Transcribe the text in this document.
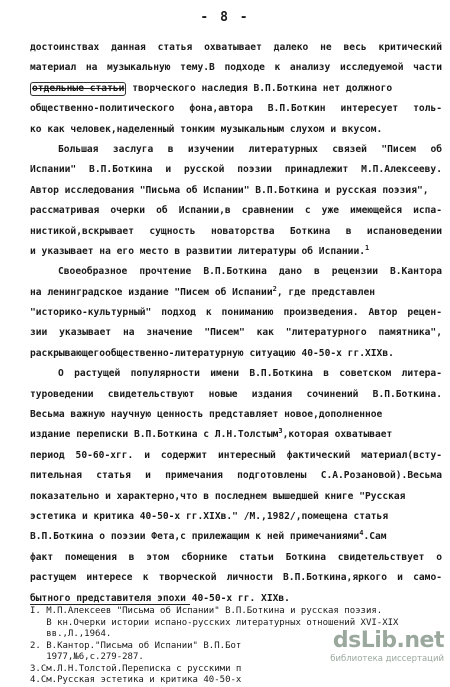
- 8 -
достоинствах данная статья охватывает далеко не весь критический
материал на музыкальную тему.В подходе к анализу исследуемой части
отдельные статьи творческого наследия В.П.Боткина нет должного
общественно-политического фона,автора В.П.Боткин интересует толь-
ко как человек,наделенный тонким музыкальным слухом и вкусом.
Большая заслуга в изучении литературных связей "Писем об
Испании" В.П.Боткина и русской поэзии принадлежит М.П.Алексееву.
Автор исследования "Письма об Испании" В.П.Боткина и русская поэзия",
рассматривая очерки об Испании,в сравнении с уже имеющейся испа-
нистикой,вскрывает сущность новаторства Боткина в испановедении
и указывает на его место в развитии литературы об Испании.$^1$
Своеобразное прочтение В.П.Боткина дано в рецензии В.Кантора
на ленинградское издание "Писем об Испании$^2$, где представлен
"историко-культурный" подход к пониманию произведения. Автор рецен-
зии указывает на значение "Писем" как "литературного памятника",
раскрывающегообщественно-литературную ситуацию 40-50-х гг.XIXв.
О растущей популярности имени В.П.Боткина в советском литера-
туроведении свидетельствуют новые издания сочинений В.П.Боткина.
Весьма важную научную ценность представляет новое,дополненное
издание переписки В.П.Боткина с Л.Н.Толстым$^3$,которая охватывает
период 50-60-хгг. и содержит интересный фактический материал(всту-
пительная статья и примечания подготовлены С.А.Розановой).Весьма
показательно и характерно,что в последнем вышедшей книге "Русская
эстетика и критика 40-50-х гг.XIXв." /М.,1982/,помещена статья
В.П.Боткина о поэзии Фета,с прилежащим к ней примечаниями$^4$.Сам
факт помещения в этом сборнике статьи Боткина свидетельствует о
растущем интересе к творческой личности В.П.Боткина,яркого и само-
бытного представителя эпохи 40-50-х гг. XIXв.
I. М.П.Алексеев "Письма об Испании" В.П.Боткина и русская поэзия.
В кн.Очерки истории испано-русских литературных отношений XVI-XIX
вв.,Л.,1964.
2. В.Кантор."Письма об Испании" В.П.Бот
1977,№6,с.279-287.
3.См.Л.Н.Толстой.Переписка с русскими п
4.См.Русская эстетика и критика 40-50-х
dsLib.net
библиотека диссертаций
